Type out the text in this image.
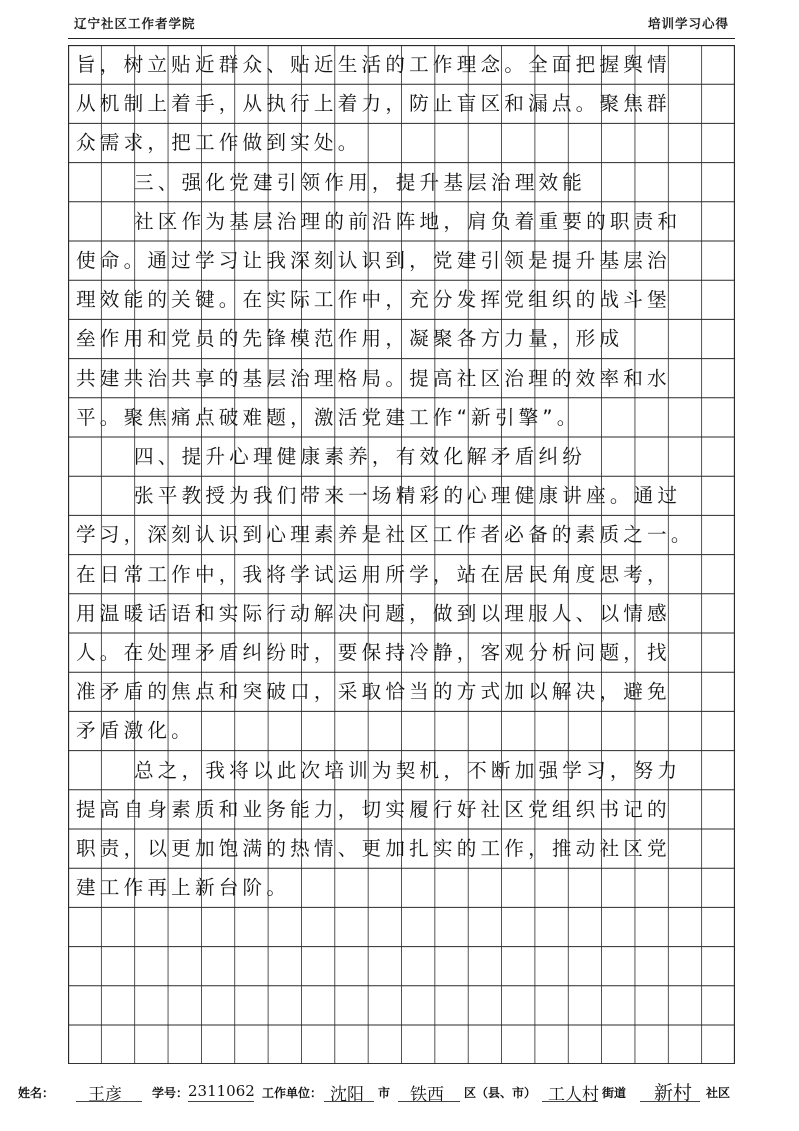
辽宁社区工作者学院	培训学习心得
旨，树立贴近群众、贴近生活的工作理念。全面把握舆情
从机制上着手，从执行上着力，防止盲区和漏点。聚焦群
众需求，把工作做到实处。
三、强化党建引领作用，提升基层治理效能
社区作为基层治理的前沿阵地，肩负着重要的职责和
使命。通过学习让我深刻认识到，党建引领是提升基层治
理效能的关键。在实际工作中，充分发挥党组织的战斗堡
垒作用和党员的先锋模范作用，凝聚各方力量，形成
共建共治共享的基层治理格局。提高社区治理的效率和水
平。聚焦痛点破难题，激活党建工作“新引擎”。
四、提升心理健康素养，有效化解矛盾纠纷
张平教授为我们带来一场精彩的心理健康讲座。通过
学习，深刻认识到心理素养是社区工作者必备的素质之一。
在日常工作中，我将学试运用所学，站在居民角度思考，
用温暖话语和实际行动解决问题，做到以理服人、以情感
人。在处理矛盾纠纷时，要保持冷静，客观分析问题，找
准矛盾的焦点和突破口，采取恰当的方式加以解决，避免
矛盾激化。
总之，我将以此次培训为契机，不断加强学习，努力
提高自身素质和业务能力，切实履行好社区党组织书记的
职责，以更加饱满的热情、更加扎实的工作，推动社区党
建工作再上新台阶。
姓名： 王彦	学号： 2311062 工作单位： 沈阳 市 铁西 区（县、市） 工人村 街道 新村 社区
